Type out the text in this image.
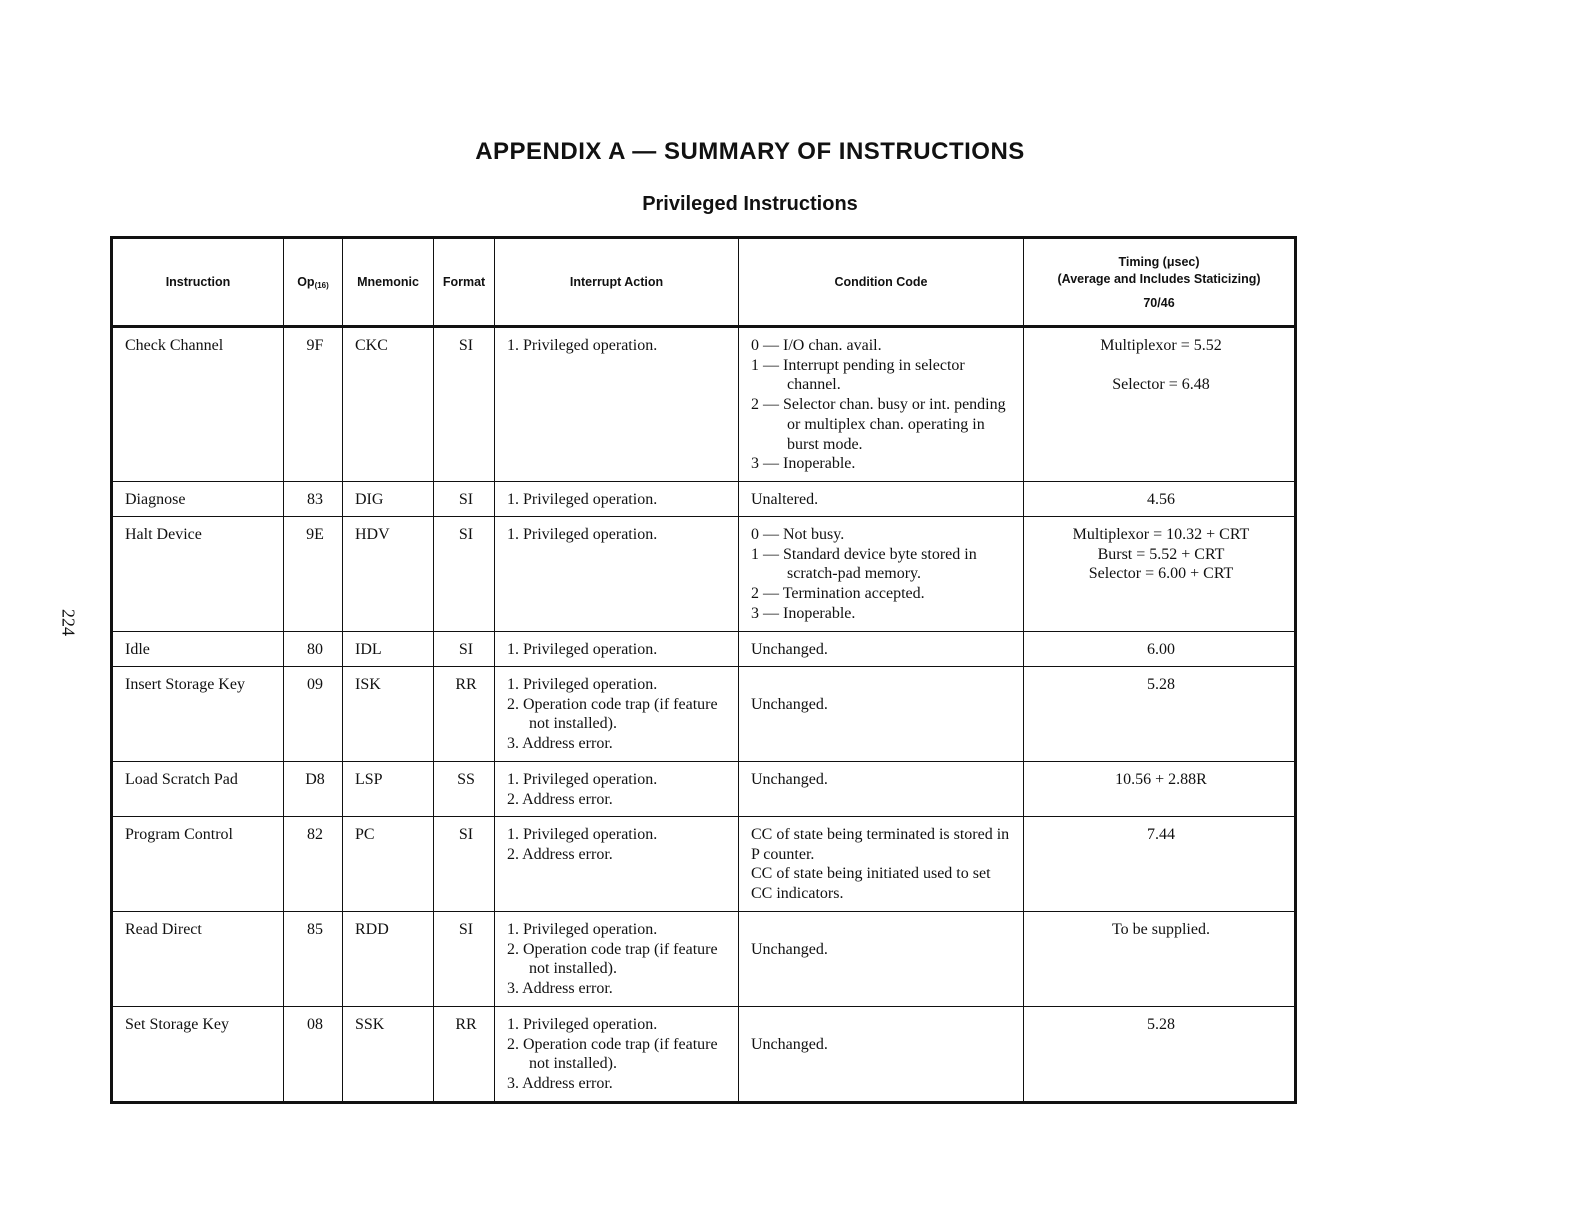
APPENDIX A — SUMMARY OF INSTRUCTIONS
Privileged Instructions
224
Instruction	Op(16)	Mnemonic	Format	Interrupt Action	Condition Code	Timing (μsec)
(Average and Includes Staticizing)
70/46

Check Channel	9F	CKC	SI	1. Privileged operation.	0 — I/O chan. avail.
1 — Interrupt pending in selector channel.
2 — Selector chan. busy or int. pending or multiplex chan. operating in burst mode.
3 — Inoperable.	Multiplexor = 5.52
Selector = 6.48

Diagnose	83	DIG	SI	1. Privileged operation.	Unaltered.	4.56

Halt Device	9E	HDV	SI	1. Privileged operation.	0 — Not busy.
1 — Standard device byte stored in scratch-pad memory.
2 — Termination accepted.
3 — Inoperable.	Multiplexor = 10.32 + CRT
Burst = 5.52 + CRT
Selector = 6.00 + CRT

Idle	80	IDL	SI	1. Privileged operation.	Unchanged.	6.00

Insert Storage Key	09	ISK	RR	1. Privileged operation.
2. Operation code trap (if feature not installed).
3. Address error.	Unchanged.	5.28

Load Scratch Pad	D8	LSP	SS	1. Privileged operation.
2. Address error.	Unchanged.	10.56 + 2.88R

Program Control	82	PC	SI	1. Privileged operation.
2. Address error.	CC of state being terminated is stored in P counter.
CC of state being initiated used to set CC indicators.	7.44

Read Direct	85	RDD	SI	1. Privileged operation.
2. Operation code trap (if feature not installed).
3. Address error.	Unchanged.	To be supplied.

Set Storage Key	08	SSK	RR	1. Privileged operation.
2. Operation code trap (if feature not installed).
3. Address error.	Unchanged.	5.28
